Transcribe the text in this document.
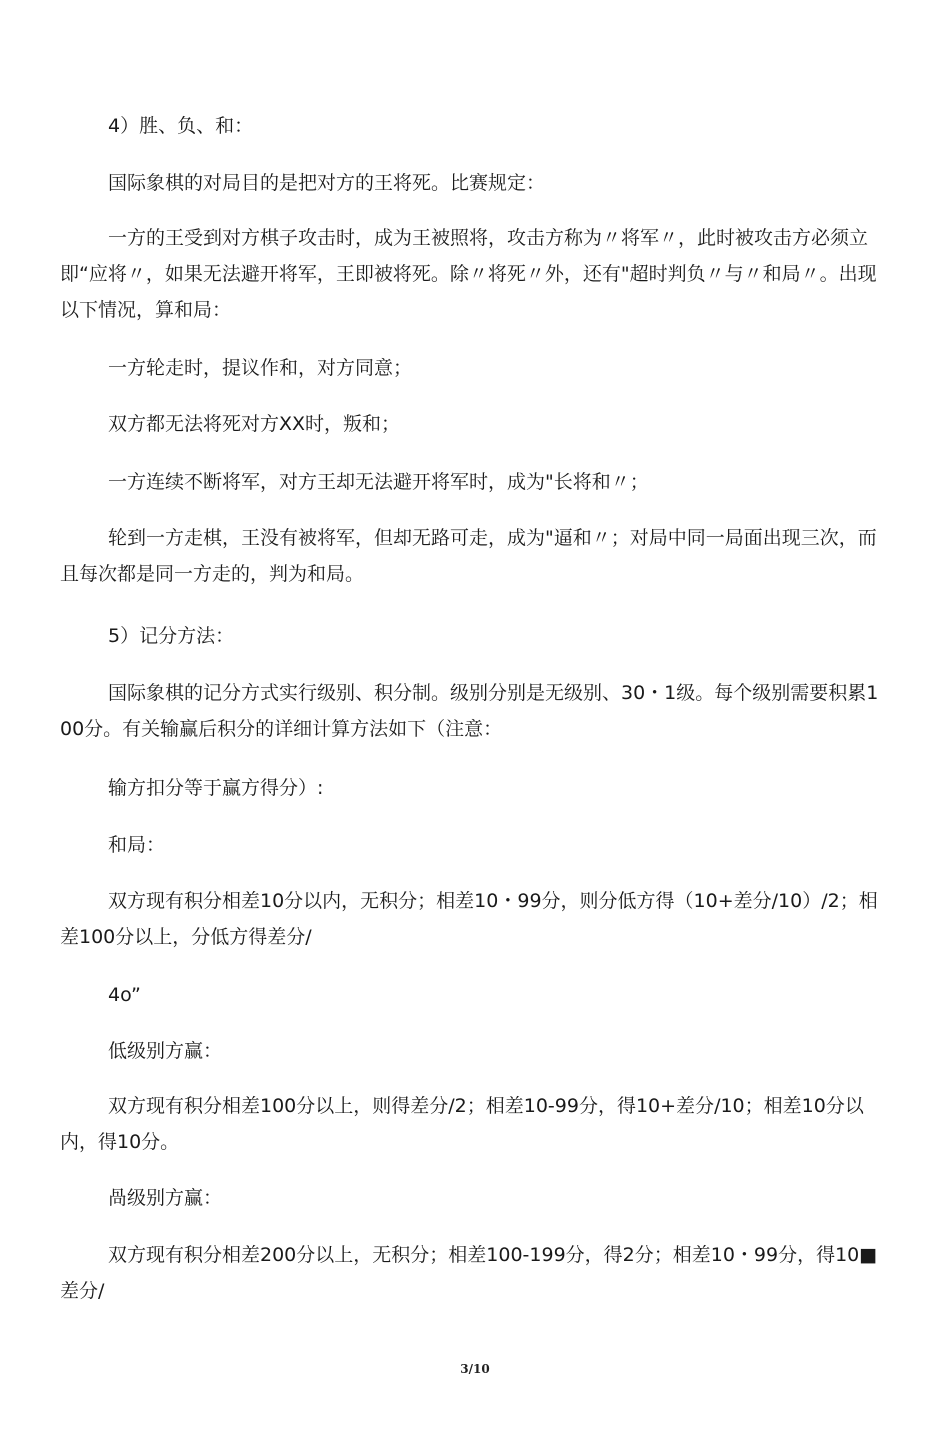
4）胜、负、和：

国际象棋的对局目的是把对方的王将死。比赛规定：

一方的王受到对方棋子攻击时，成为王被照将，攻击方称为〃将军〃，此时被攻击方必须立即“应将〃，如果无法避开将军，王即被将死。除〃将死〃外，还有"超时判负〃与〃和局〃。出现以下情况，算和局：

一方轮走时，提议作和，对方同意；

双方都无法将死对方XX时，叛和；

一方连续不断将军，对方王却无法避开将军时，成为"长将和〃；

轮到一方走棋，王没有被将军，但却无路可走，成为"逼和〃；对局中同一局面出现三次，而且每次都是同一方走的，判为和局。

5）记分方法：

国际象棋的记分方式实行级别、积分制。级别分别是无级别、30・1级。每个级别需要积累100分。有关输赢后积分的详细计算方法如下（注意：

输方扣分等于赢方得分）:

和局：

双方现有积分相差10分以内，无积分；相差10・99分，则分低方得（10+差分/10）/2；相差100分以上，分低方得差分/

4o”

低级别方赢：

双方现有积分相差100分以上，则得差分/2；相差10-99分，得10+差分/10；相差10分以内，得10分。

咼级别方赢：

双方现有积分相差200分以上，无积分；相差100-199分，得2分；相差10・99分，得10■差分/

3/10
